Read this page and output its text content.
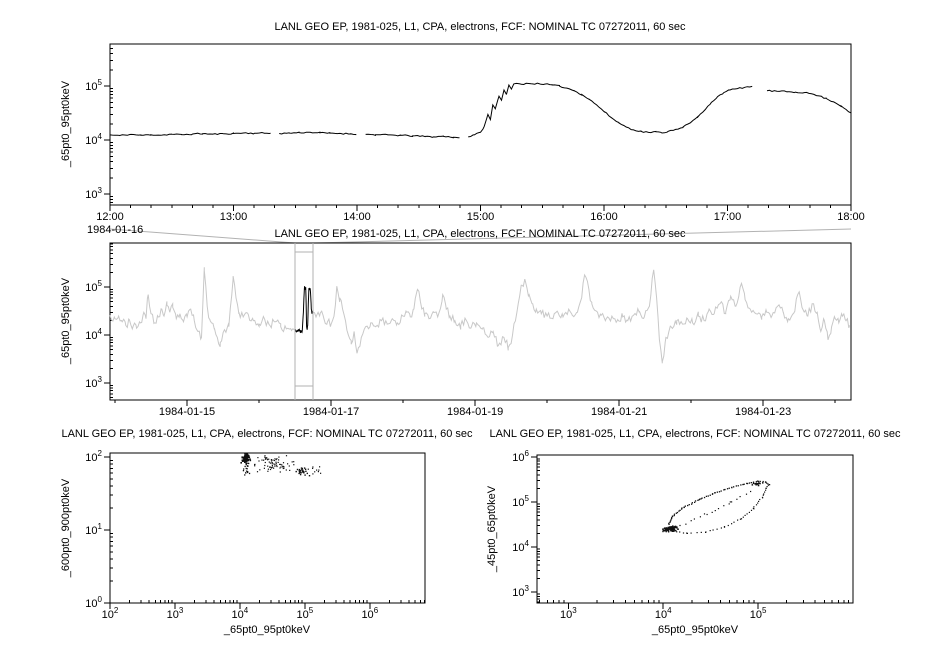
$10^3$
$10^4$
$10^5$
12:00	13:00	14:00	15:00	16:00	17:00	18:00
$10^3$
$10^4$
$10^5$
1984-01-15	1984-01-17	1984-01-19	1984-01-21	1984-01-23
$10^0$
$10^1$
$10^2$
$10^2$	$10^3$	$10^4$	$10^5$	$10^6$
$10^3$
$10^4$
$10^5$
$10^6$
$10^3$	$10^4$	$10^5$
LANL GEO EP, 1981-025, L1, CPA, electrons, FCF: NOMINAL TC 07272011, 60 sec
LANL GEO EP, 1981-025, L1, CPA, electrons, FCF: NOMINAL TC 07272011, 60 sec
LANL GEO EP, 1981-025, L1, CPA, electrons, FCF: NOMINAL TC 07272011, 60 sec LANL GEO EP, 1981-025, L1, CPA, electrons, FCF: NOMINAL TC 07272011, 60 sec
1984-01-16
_65pt0_95pt0keV
_65pt0_95pt0keV
_600pt0_900pt0keV	_45pt0_65pt0keV
_65pt0_95pt0keV	_65pt0_95pt0keV
